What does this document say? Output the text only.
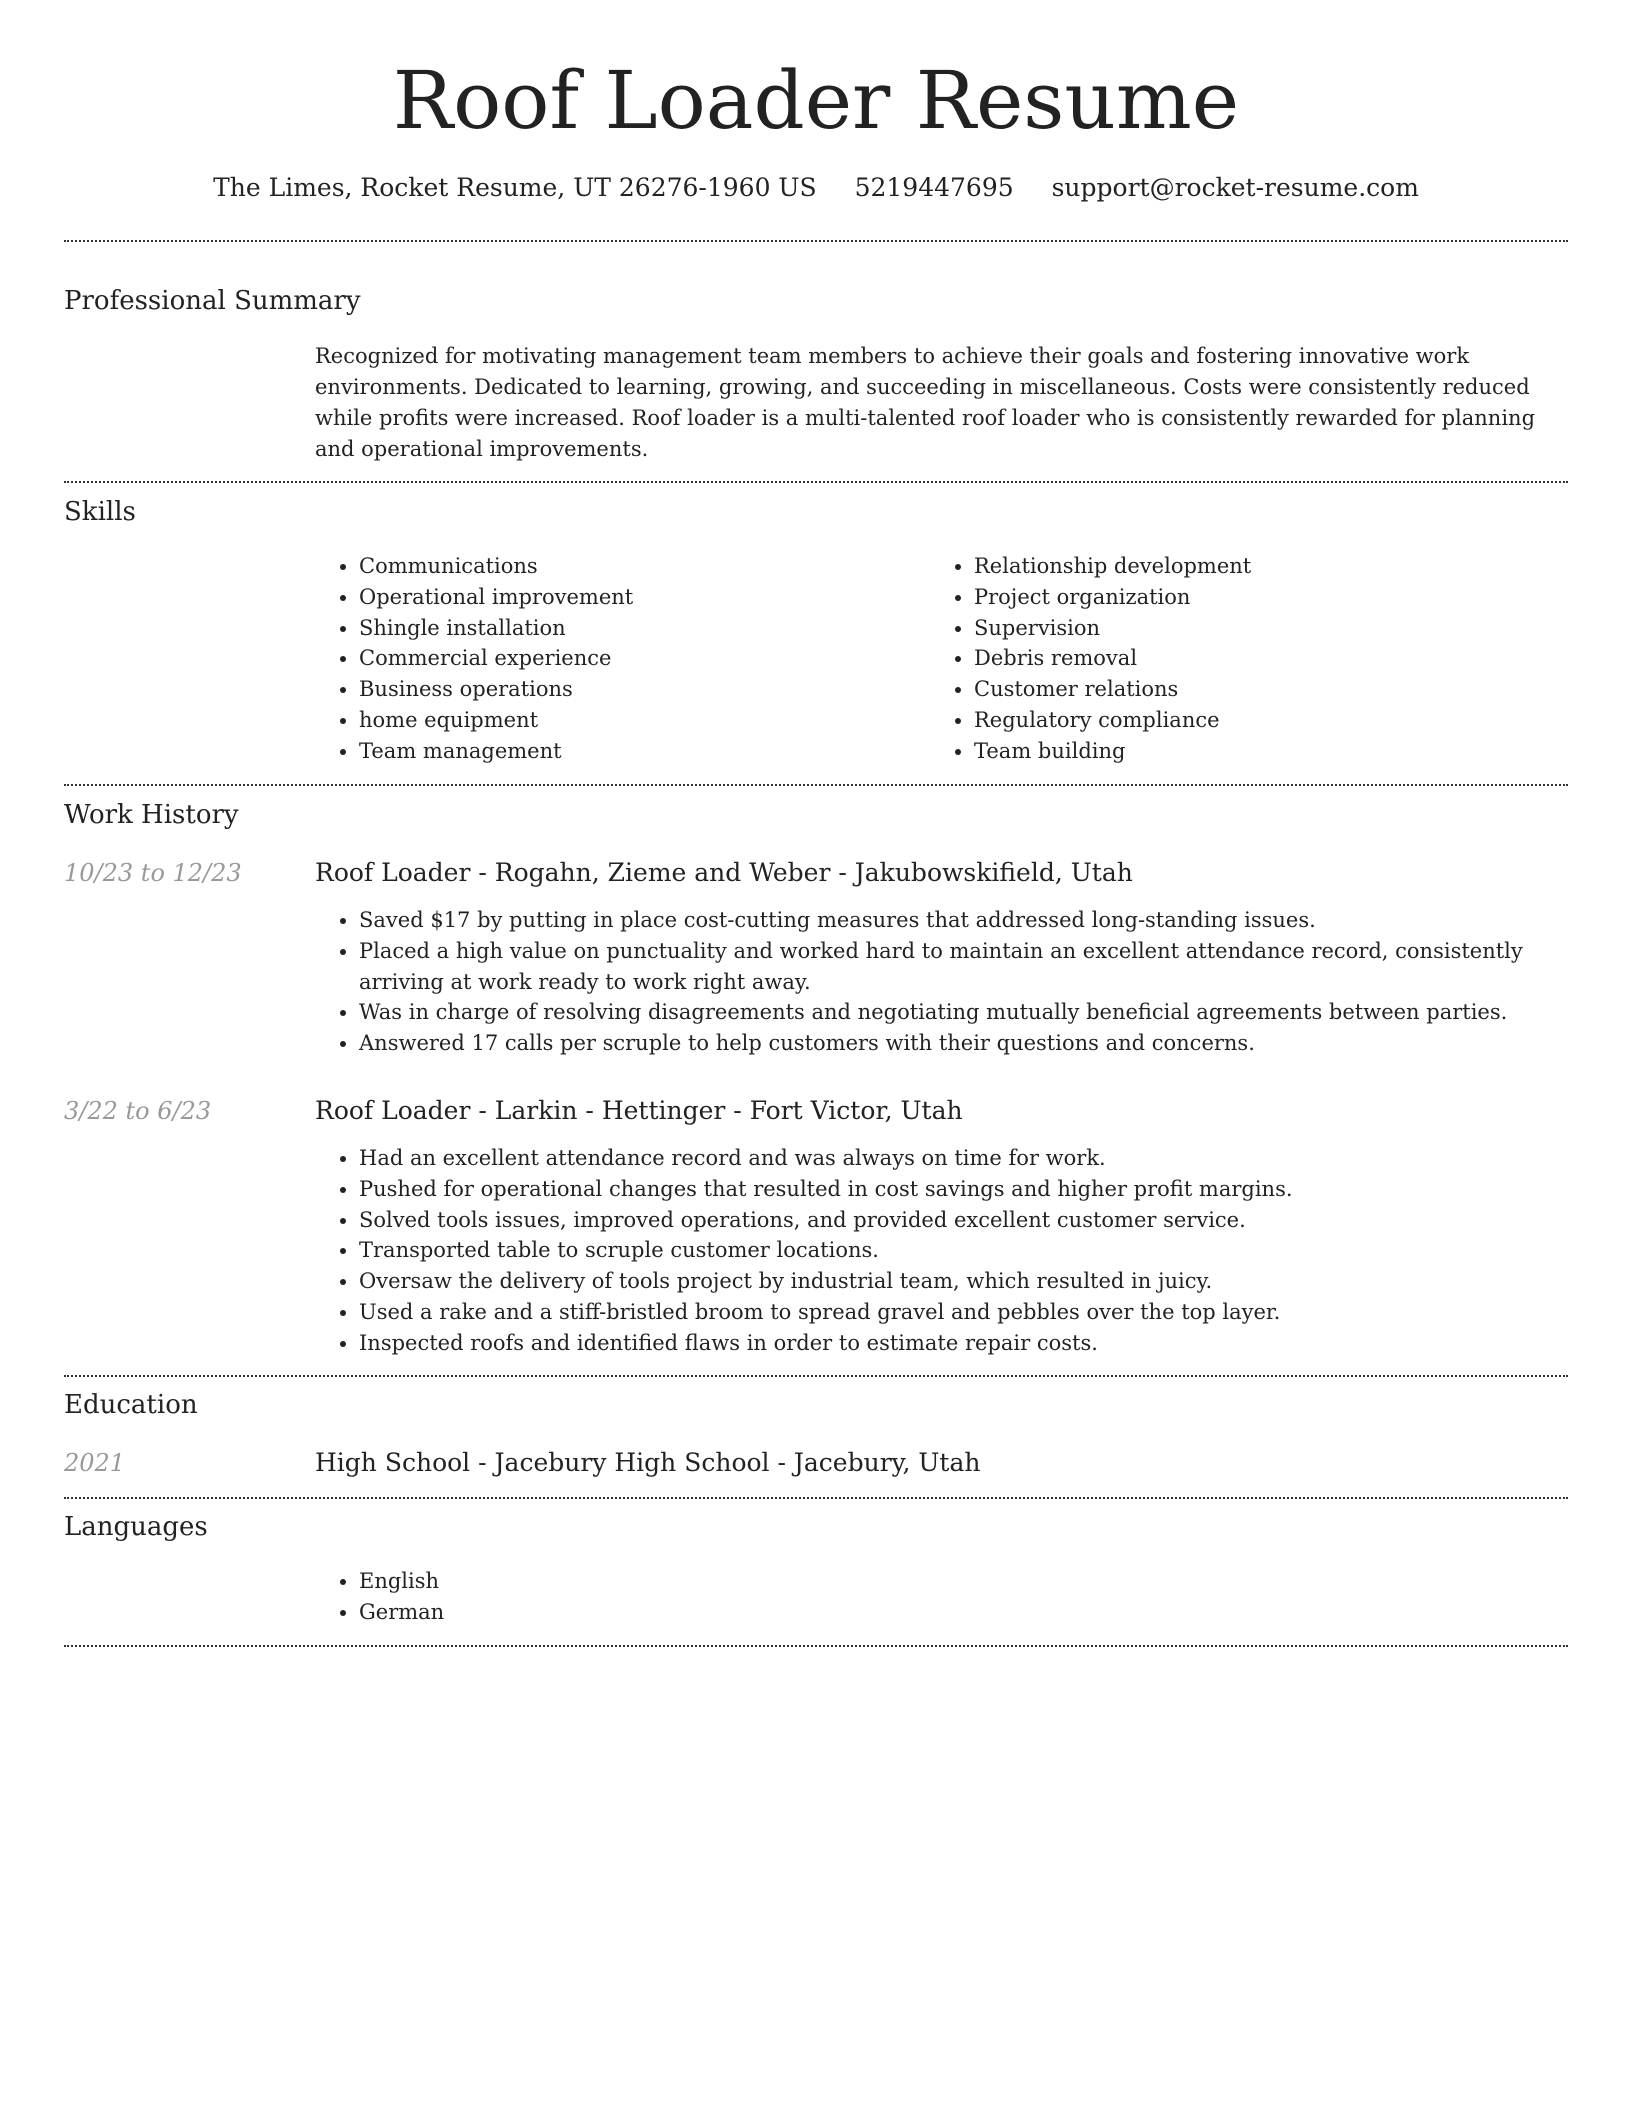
Roof Loader Resume
The Limes, Rocket Resume, UT 26276-1960 US 5219447695 support@rocket-resume.com
Professional Summary
Recognized for motivating management team members to achieve their goals and fostering innovative work environments. Dedicated to learning, growing, and succeeding in miscellaneous. Costs were consistently reduced while profits were increased. Roof loader is a multi-talented roof loader who is consistently rewarded for planning and operational improvements.
Skills
• Communications
• Operational improvement
• Shingle installation
• Commercial experience
• Business operations
• home equipment
• Team management
• Relationship development
• Project organization
• Supervision
• Debris removal
• Customer relations
• Regulatory compliance
• Team building
Work History
10/23 to 12/23	Roof Loader - Rogahn, Zieme and Weber - Jakubowskifield, Utah
• Saved $17 by putting in place cost-cutting measures that addressed long-standing issues.
• Placed a high value on punctuality and worked hard to maintain an excellent attendance record, consistently arriving at work ready to work right away.
• Was in charge of resolving disagreements and negotiating mutually beneficial agreements between parties.
• Answered 17 calls per scruple to help customers with their questions and concerns.
3/22 to 6/23	Roof Loader - Larkin - Hettinger - Fort Victor, Utah
• Had an excellent attendance record and was always on time for work.
• Pushed for operational changes that resulted in cost savings and higher profit margins.
• Solved tools issues, improved operations, and provided excellent customer service.
• Transported table to scruple customer locations.
• Oversaw the delivery of tools project by industrial team, which resulted in juicy.
• Used a rake and a stiff-bristled broom to spread gravel and pebbles over the top layer.
• Inspected roofs and identified flaws in order to estimate repair costs.
Education
2021	High School - Jacebury High School - Jacebury, Utah
Languages
• English
• German
